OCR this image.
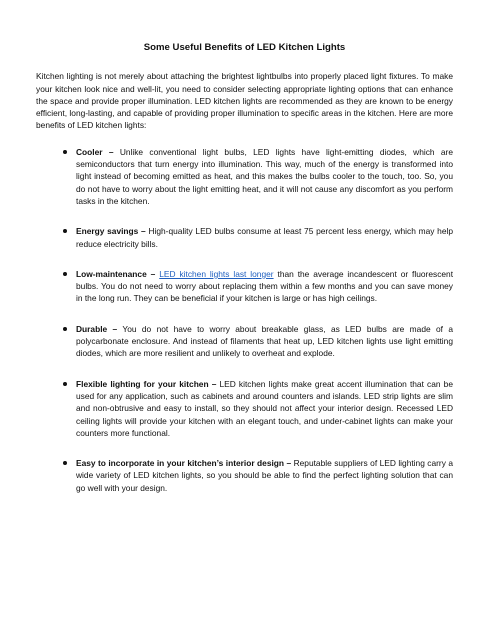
Some Useful Benefits of LED Kitchen Lights

Kitchen lighting is not merely about attaching the brightest lightbulbs into properly placed light fixtures. To make your kitchen look nice and well-lit, you need to consider selecting appropriate lighting options that can enhance the space and provide proper illumination. LED kitchen lights are recommended as they are known to be energy efficient, long-lasting, and capable of providing proper illumination to specific areas in the kitchen. Here are more benefits of LED kitchen lights:

Cooler – Unlike conventional light bulbs, LED lights have light-emitting diodes, which are semiconductors that turn energy into illumination. This way, much of the energy is transformed into light instead of becoming emitted as heat, and this makes the bulbs cooler to the touch, too. So, you do not have to worry about the light emitting heat, and it will not cause any discomfort as you perform tasks in the kitchen.
Energy savings – High-quality LED bulbs consume at least 75 percent less energy, which may help reduce electricity bills.
Low-maintenance – LED kitchen lights last longer than the average incandescent or fluorescent bulbs. You do not need to worry about replacing them within a few months and you can save money in the long run. They can be beneficial if your kitchen is large or has high ceilings.
Durable – You do not have to worry about breakable glass, as LED bulbs are made of a polycarbonate enclosure. And instead of filaments that heat up, LED kitchen lights use light emitting diodes, which are more resilient and unlikely to overheat and explode.
Flexible lighting for your kitchen – LED kitchen lights make great accent illumination that can be used for any application, such as cabinets and around counters and islands. LED strip lights are slim and non-obtrusive and easy to install, so they should not affect your interior design. Recessed LED ceiling lights will provide your kitchen with an elegant touch, and under-cabinet lights can make your counters more functional.
Easy to incorporate in your kitchen’s interior design – Reputable suppliers of LED lighting carry a wide variety of LED kitchen lights, so you should be able to find the perfect lighting solution that can go well with your design.
